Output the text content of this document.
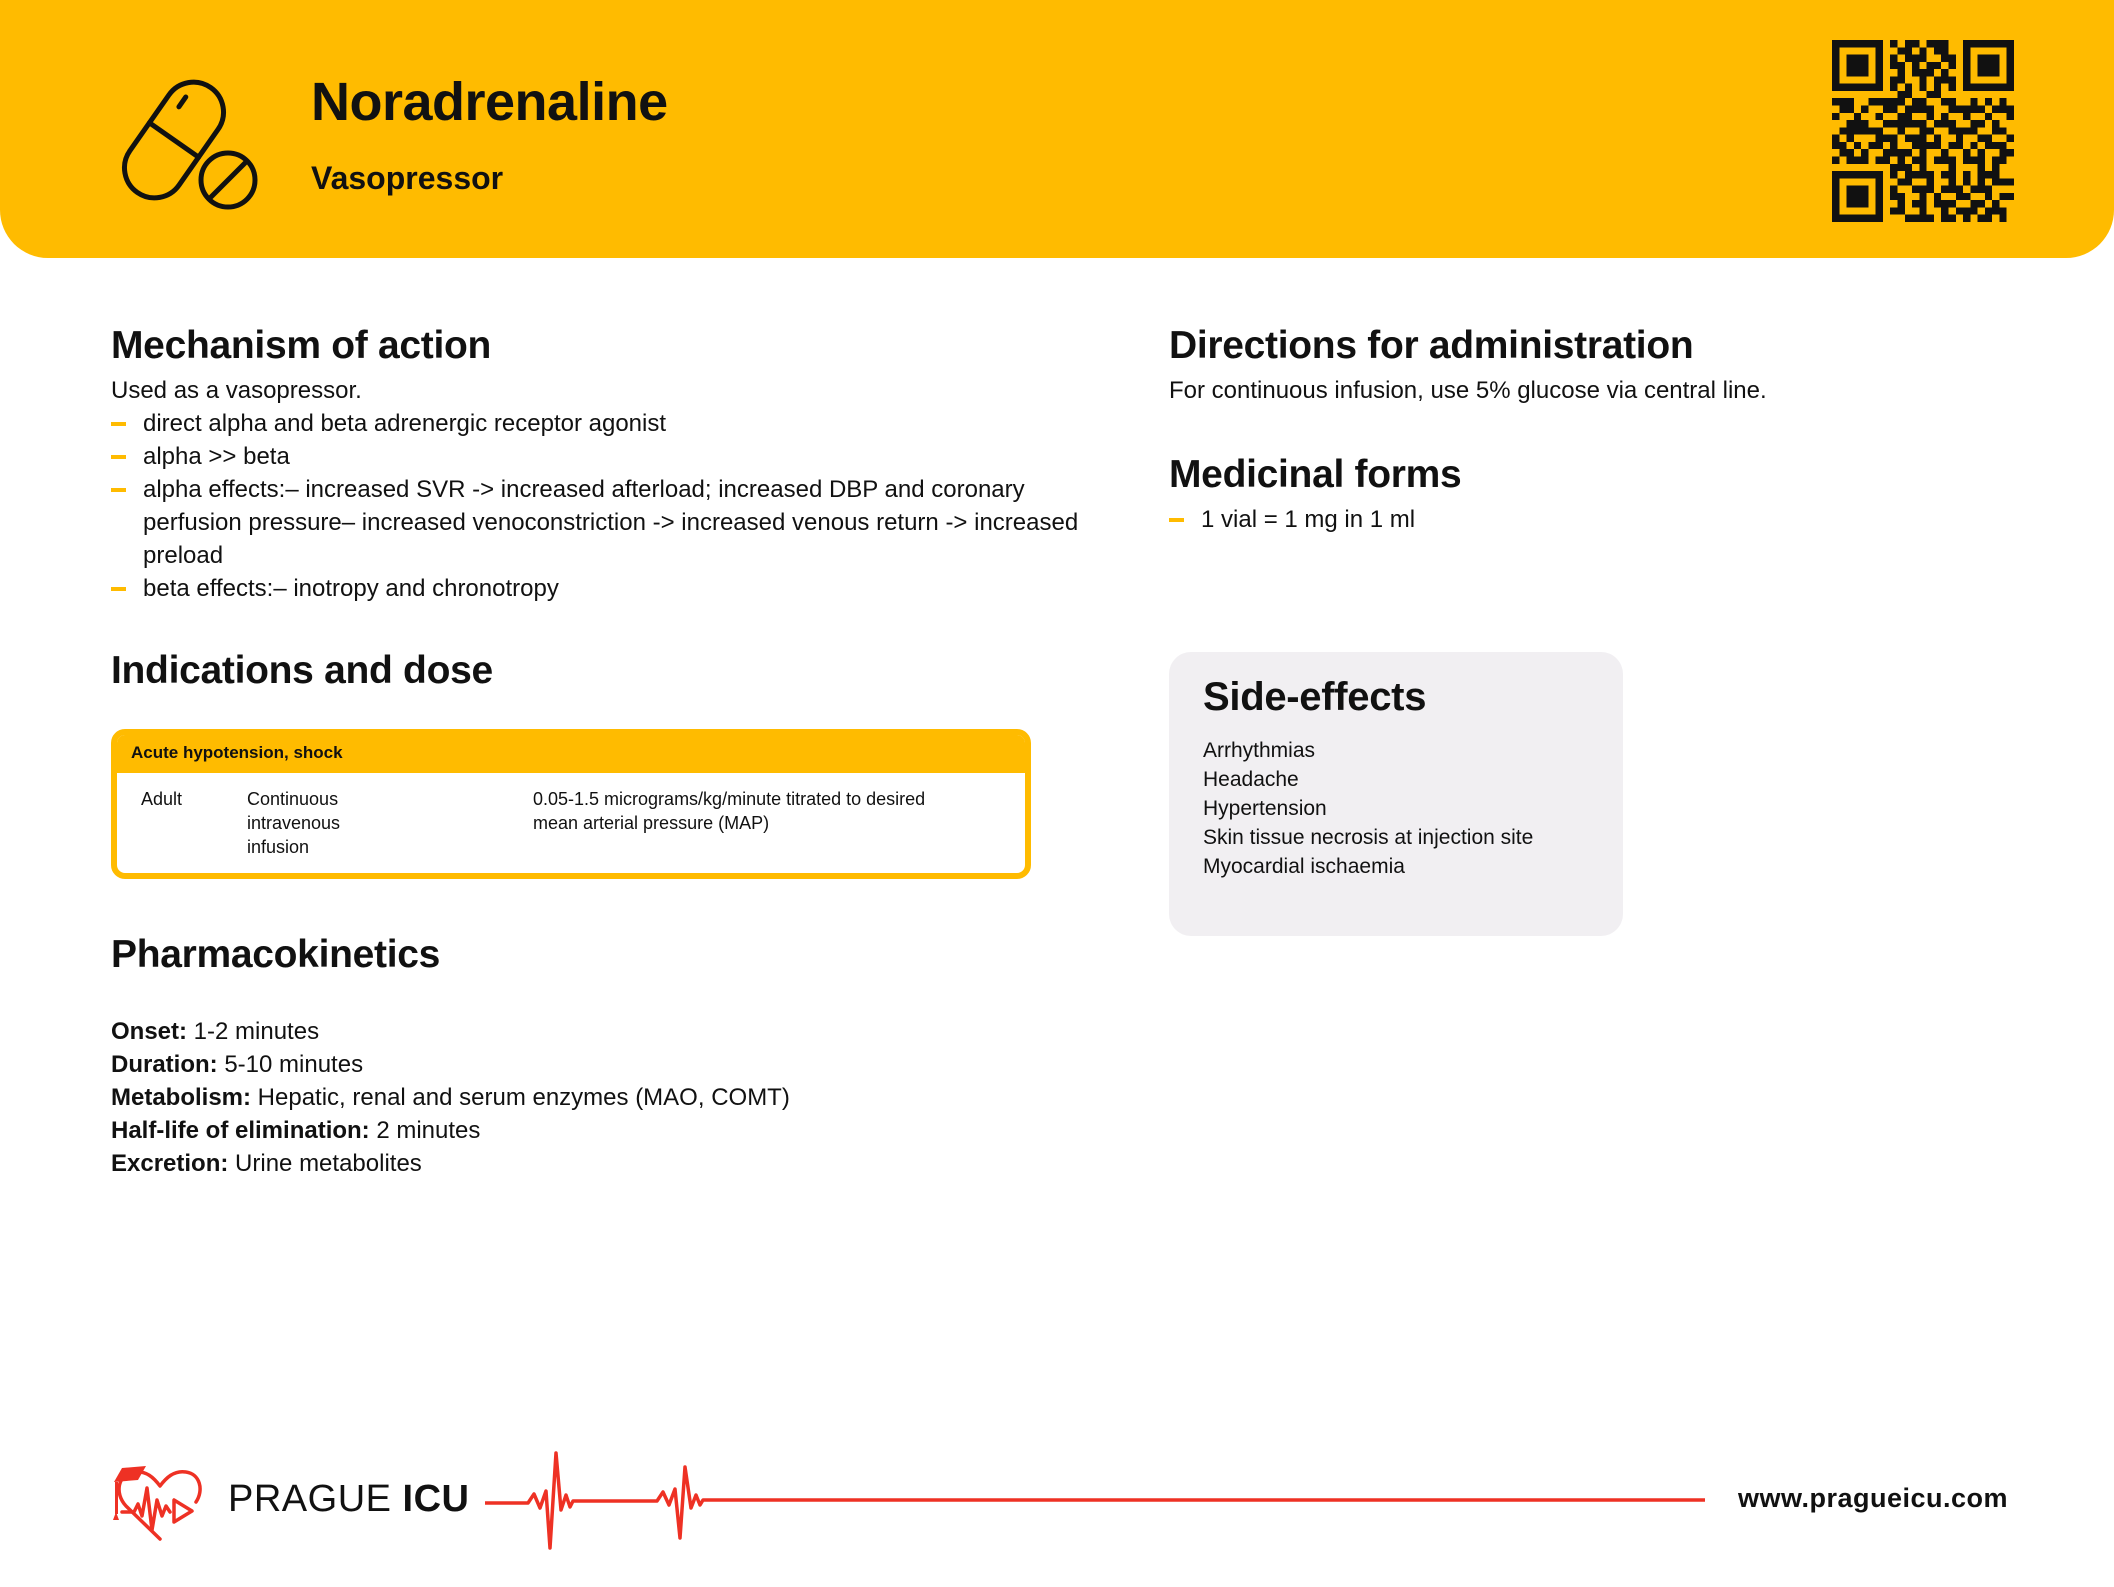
Noradrenaline
Vasopressor
Mechanism of action

Used as a vasopressor.

direct alpha and beta adrenergic receptor agonist
alpha >> beta
alpha effects:– increased SVR -> increased afterload; increased DBP and coronary perfusion pressure– increased venoconstriction -> increased venous return -> increased preload
beta effects:– inotropy and chronotropy
Indications and dose
Acute hypotension, shock
Adult	Continuous intravenous infusion
0.05-1.5 micrograms/kg/minute titrated to desired mean arterial pressure (MAP)
Pharmacokinetics
Onset: 1-2 minutes
Duration: 5-10 minutes
Metabolism: Hepatic, renal and serum enzymes (MAO, COMT)
Half-life of elimination: 2 minutes
Excretion: Urine metabolites
Directions for administration

For continuous infusion, use 5% glucose via central line.

Medicinal forms
1 vial = 1 mg in 1 ml
Side-effects
Arrhythmias
Headache
Hypertension
Skin tissue necrosis at injection site
Myocardial ischaemia
PRAGUE ICU	www.pragueicu.com
